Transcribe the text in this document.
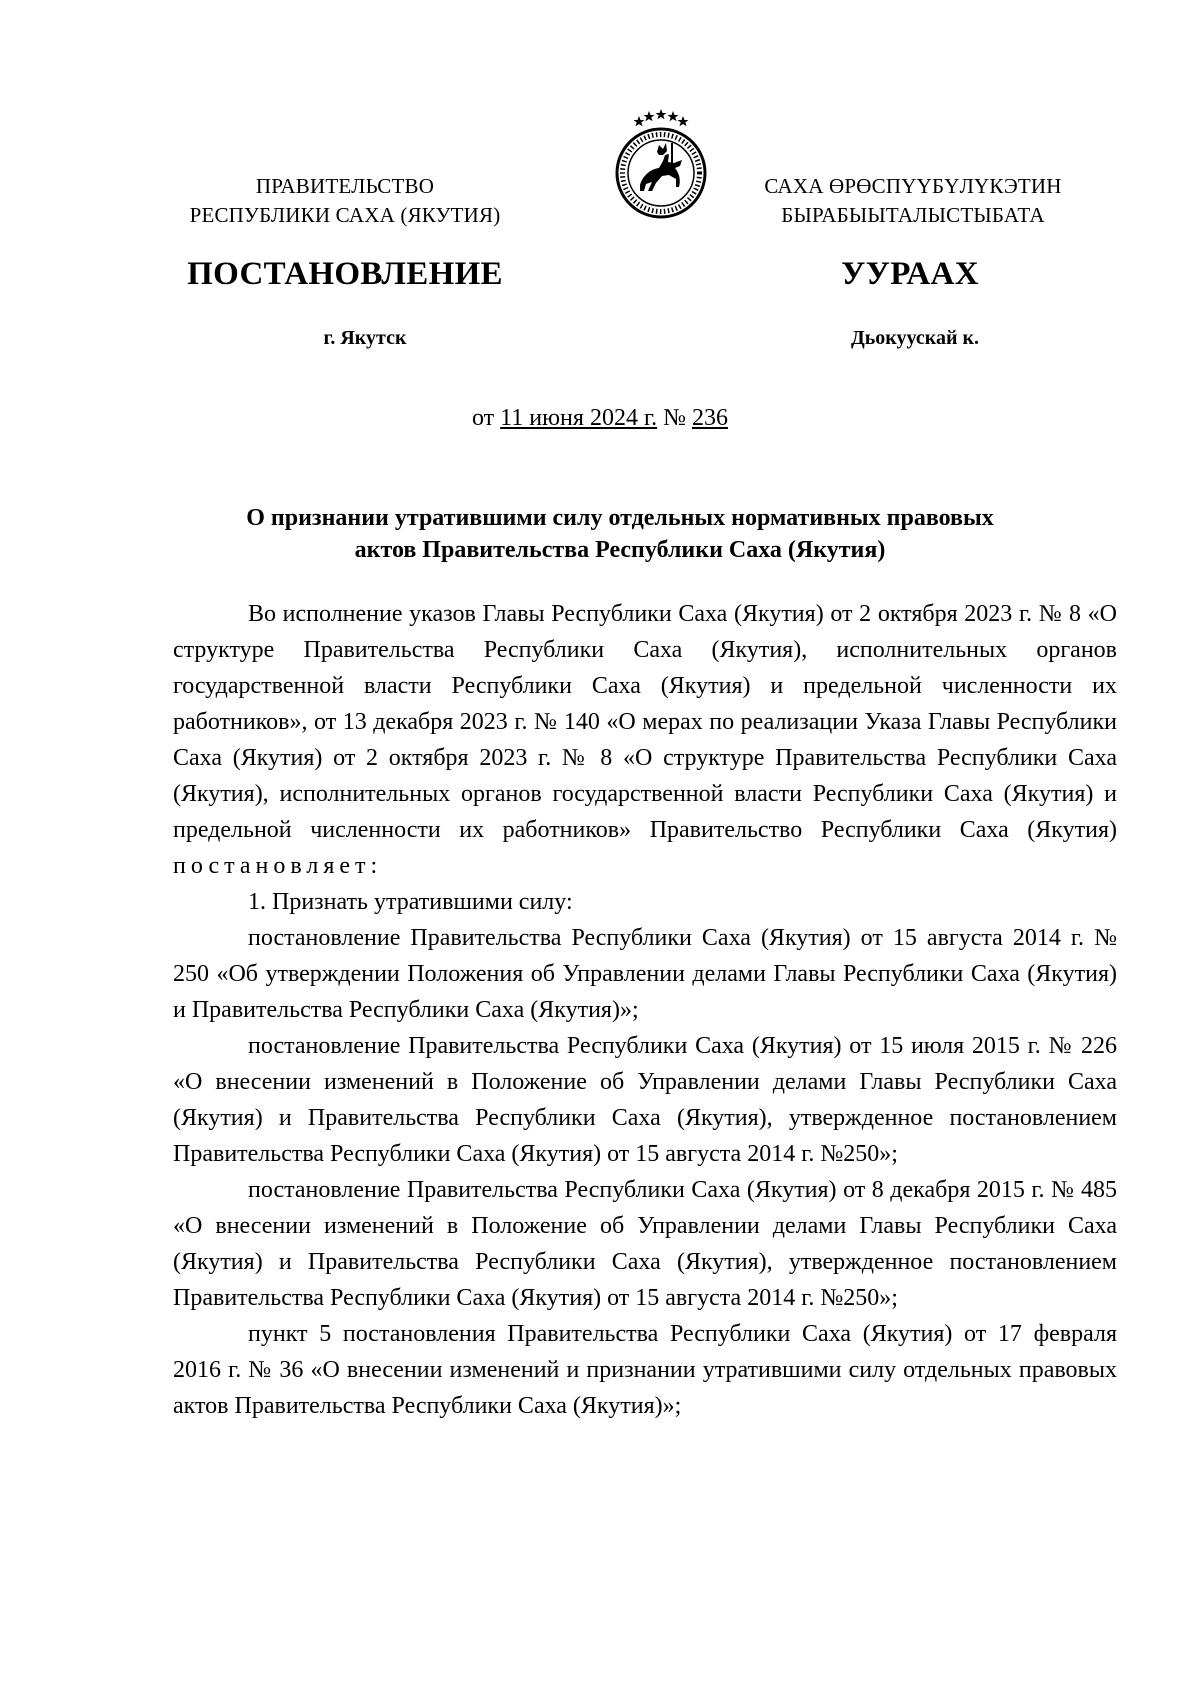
ПРАВИТЕЛЬСТВО
РЕСПУБЛИКИ САХА (ЯКУТИЯ)
САХА ӨРӨСПҮҮБҮЛҮКЭТИН
БЫРАБЫЫТАЛЫСТЫБАТА
ПОСТАНОВЛЕНИЕ	УУРААХ
г. Якутск	Дьокуускай к.
от 11 июня 2024 г. № 236
О признании утратившими силу отдельных нормативных правовых
актов Правительства Республики Саха (Якутия)

Во исполнение указов Главы Республики Саха (Якутия) от 2 октября 2023 г. № 8 «О структуре Правительства Республики Саха (Якутия), исполнительных органов государственной власти Республики Саха (Якутия) и предельной численности их работников», от 13 декабря 2023 г. № 140 «О мерах по реализации Указа Главы Республики Саха (Якутия) от 2 октября 2023 г. № 8 «О структуре Правительства Республики Саха (Якутия), исполнительных органов государственной власти Республики Саха (Якутия) и предельной численности их работников» Правительство Республики Саха (Якутия) постановляет:

1. Признать утратившими силу:

постановление Правительства Республики Саха (Якутия) от 15 августа 2014 г. № 250 «Об утверждении Положения об Управлении делами Главы Республики Саха (Якутия) и Правительства Республики Саха (Якутия)»;

постановление Правительства Республики Саха (Якутия) от 15 июля 2015 г. № 226 «О внесении изменений в Положение об Управлении делами Главы Республики Саха (Якутия) и Правительства Республики Саха (Якутия), утвержденное постановлением Правительства Республики Саха (Якутия) от 15 августа 2014 г. №250»;

постановление Правительства Республики Саха (Якутия) от 8 декабря 2015 г. № 485 «О внесении изменений в Положение об Управлении делами Главы Республики Саха (Якутия) и Правительства Республики Саха (Якутия), утвержденное постановлением Правительства Республики Саха (Якутия) от 15 августа 2014 г. №250»;

пункт 5 постановления Правительства Республики Саха (Якутия) от 17 февраля 2016 г. № 36 «О внесении изменений и признании утратившими силу отдельных правовых актов Правительства Республики Саха (Якутия)»;
